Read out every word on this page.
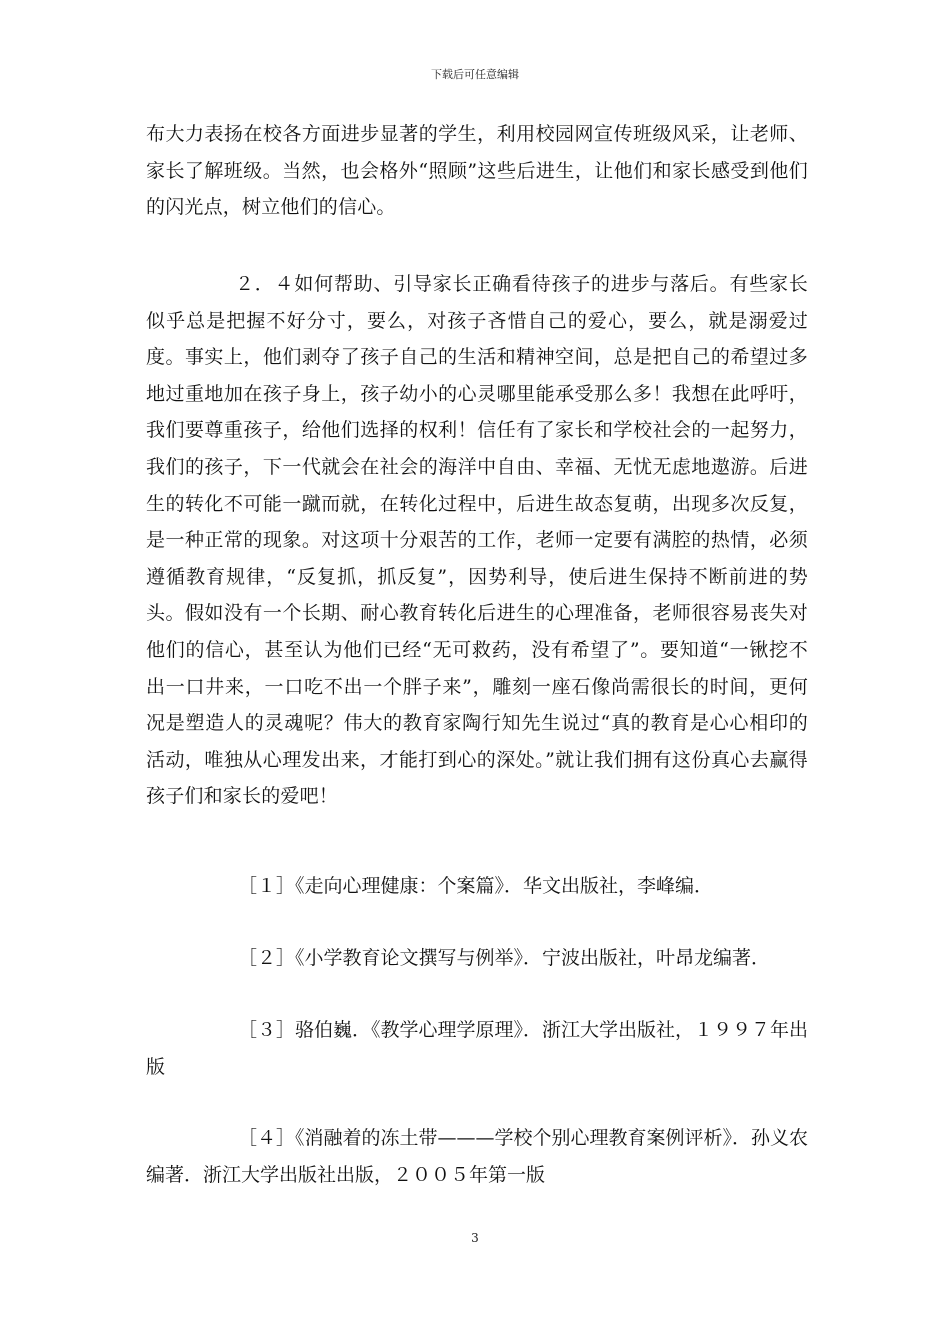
下载后可任意编辑
布大力表扬在校各方面进步显著的学生，利用校园网宣传班级风采，让老师、家长了解班级。当然，也会格外“照顾”这些后进生，让他们和家长感受到他们的闪光点，树立他们的信心。
２．４如何帮助、引导家长正确看待孩子的进步与落后。有些家长似乎总是把握不好分寸，要么，对孩子吝惜自己的爱心，要么，就是溺爱过度。事实上，他们剥夺了孩子自己的生活和精神空间，总是把自己的希望过多地过重地加在孩子身上，孩子幼小的心灵哪里能承受那么多！我想在此呼吁，我们要尊重孩子，给他们选择的权利！信任有了家长和学校社会的一起努力，我们的孩子，下一代就会在社会的海洋中自由、幸福、无忧无虑地遨游。后进生的转化不可能一蹴而就，在转化过程中，后进生故态复萌，出现多次反复，是一种正常的现象。对这项十分艰苦的工作，老师一定要有满腔的热情，必须遵循教育规律，“反复抓，抓反复”，因势利导，使后进生保持不断前进的势头。假如没有一个长期、耐心教育转化后进生的心理准备，老师很容易丧失对他们的信心，甚至认为他们已经“无可救药，没有希望了”。要知道“一锹挖不出一口井来，一口吃不出一个胖子来”，雕刻一座石像尚需很长的时间，更何况是塑造人的灵魂呢？伟大的教育家陶行知先生说过“真的教育是心心相印的活动，唯独从心理发出来，才能打到心的深处。”就让我们拥有这份真心去赢得孩子们和家长的爱吧！
［１］《走向心理健康：个案篇》．华文出版社，李峰编．
［２］《小学教育论文撰写与例举》．宁波出版社，叶昂龙编著．
［３］骆伯巍．《教学心理学原理》．浙江大学出版社，１９９７年出版
［４］《消融着的冻土带———学校个别心理教育案例评析》．孙义农编著．浙江大学出版社出版，２００５年第一版
3
